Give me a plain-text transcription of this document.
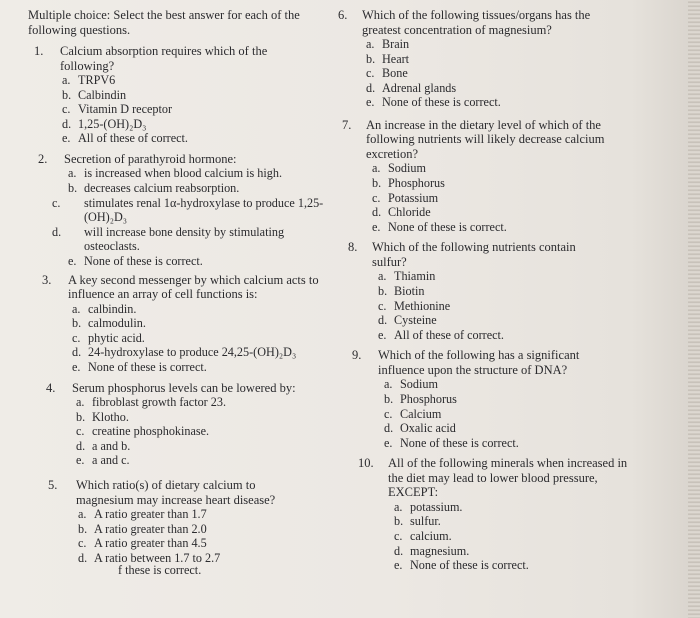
Multiple choice: Select the best answer for each of the following questions.

1. Calcium absorption requires which of the following?
a. TRPV6
b. Calbindin
c. Vitamin D receptor
d. 1,25-(OH)₂D₃
e. All of these of correct.
2. Secretion of parathyroid hormone:
a. is increased when blood calcium is high.
b. decreases calcium reabsorption.
c. stimulates renal 1α-hydroxylase to produce 1,25-(OH)₂D₃
d. will increase bone density by stimulating osteoclasts.
e. None of these is correct.
3. A key second messenger by which calcium acts to influence an array of cell functions is:
a. calbindin.
b. calmodulin.
c. phytic acid.
d. 24-hydroxylase to produce 24,25-(OH)₂D₃
e. None of these is correct.
4. Serum phosphorus levels can be lowered by:
a. fibroblast growth factor 23.
b. Klotho.
c. creatine phosphokinase.
d. a and b.
e. a and c.
5. Which ratio(s) of dietary calcium to magnesium may increase heart disease?
a. A ratio greater than 1.7
b. A ratio greater than 2.0
c. A ratio greater than 4.5
d. A ratio between 1.7 to 2.7
f these is correct.
6. Which of the following tissues/organs has the greatest concentration of magnesium?
a. Brain
b. Heart
c. Bone
d. Adrenal glands
e. None of these is correct.
7. An increase in the dietary level of which of the following nutrients will likely decrease calcium excretion?
a. Sodium
b. Phosphorus
c. Potassium
d. Chloride
e. None of these is correct.
8. Which of the following nutrients contain sulfur?
a. Thiamin
b. Biotin
c. Methionine
d. Cysteine
e. All of these of correct.
9. Which of the following has a significant influence upon the structure of DNA?
a. Sodium
b. Phosphorus
c. Calcium
d. Oxalic acid
e. None of these is correct.
10. All of the following minerals when increased in the diet may lead to lower blood pressure, EXCEPT:
a. potassium.
b. sulfur.
c. calcium.
d. magnesium.
e. None of these is correct.
